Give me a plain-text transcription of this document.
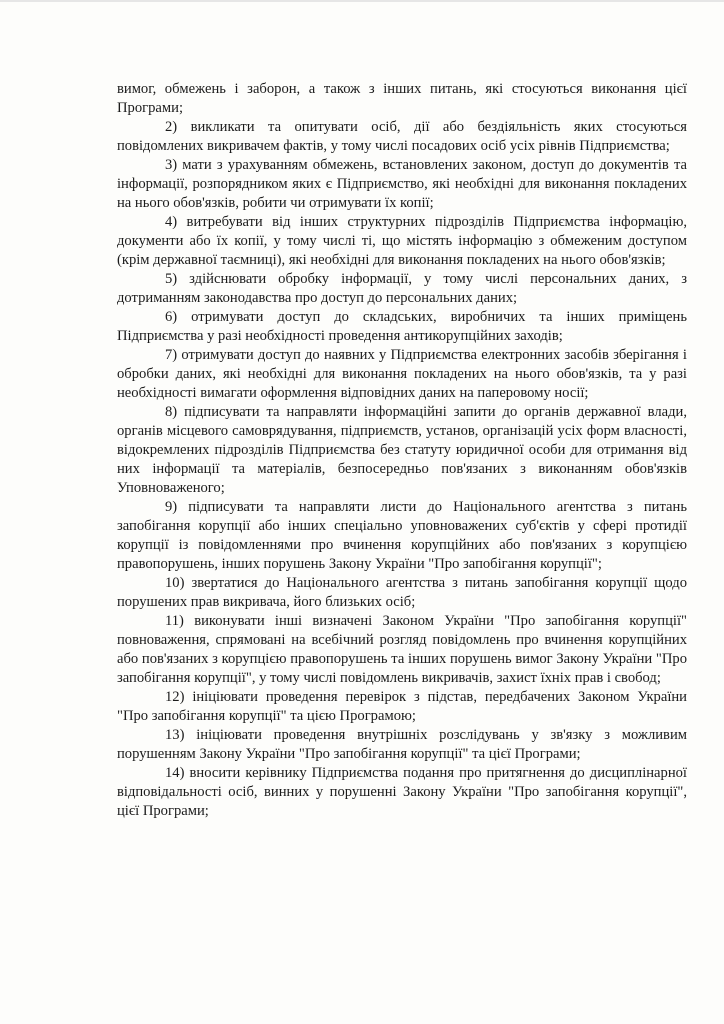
вимог, обмежень і заборон, а також з інших питань, які стосуються виконання цієї Програми;

2) викликати та опитувати осіб, дії або бездіяльність яких стосуються повідомлених викривачем фактів, у тому числі посадових осіб усіх рівнів Підприємства;

3) мати з урахуванням обмежень, встановлених законом, доступ до документів та інформації, розпорядником яких є Підприємство, які необхідні для виконання покладених на нього обов'язків, робити чи отримувати їх копії;

4) витребувати від інших структурних підрозділів Підприємства інформацію, документи або їх копії, у тому числі ті, що містять інформацію з обмеженим доступом (крім державної таємниці), які необхідні для виконання покладених на нього обов'язків;

5) здійснювати обробку інформації, у тому числі персональних даних, з дотриманням законодавства про доступ до персональних даних;

6) отримувати доступ до складських, виробничих та інших приміщень Підприємства у разі необхідності проведення антикорупційних заходів;

7) отримувати доступ до наявних у Підприємства електронних засобів зберігання і обробки даних, які необхідні для виконання покладених на нього обов'язків, та у разі необхідності вимагати оформлення відповідних даних на паперовому носії;

8) підписувати та направляти інформаційні запити до органів державної влади, органів місцевого самоврядування, підприємств, установ, організацій усіх форм власності, відокремлених підрозділів Підприємства без статуту юридичної особи для отримання від них інформації та матеріалів, безпосередньо пов'язаних з виконанням обов'язків Уповноваженого;

9) підписувати та направляти листи до Національного агентства з питань запобігання корупції або інших спеціально уповноважених суб'єктів у сфері протидії корупції із повідомленнями про вчинення корупційних або пов'язаних з корупцією правопорушень, інших порушень Закону України "Про запобігання корупції";

10) звертатися до Національного агентства з питань запобігання корупції щодо порушених прав викривача, його близьких осіб;

11) виконувати інші визначені Законом України "Про запобігання корупції" повноваження, спрямовані на всебічний розгляд повідомлень про вчинення корупційних або пов'язаних з корупцією правопорушень та інших порушень вимог Закону України "Про запобігання корупції", у тому числі повідомлень викривачів, захист їхніх прав і свобод;

12) ініціювати проведення перевірок з підстав, передбачених Законом України "Про запобігання корупції" та цією Програмою;

13) ініціювати проведення внутрішніх розслідувань у зв'язку з можливим порушенням Закону України "Про запобігання корупції" та цієї Програми;

14) вносити керівнику Підприємства подання про притягнення до дисциплінарної відповідальності осіб, винних у порушенні Закону України "Про запобігання корупції", цієї Програми;
